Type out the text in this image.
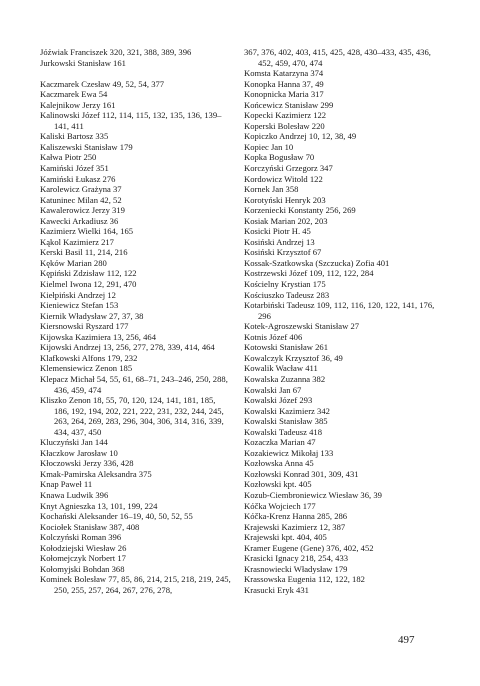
Jóźwiak Franciszek 320, 321, 388, 389, 396
Jurkowski Stanisław 161
Kaczmarek Czesław 49, 52, 54, 377
Kaczmarek Ewa 54
Kalejnikow Jerzy 161
Kalinowski Józef 112, 114, 115, 132, 135, 136, 139–141, 411
Kaliski Bartosz 335
Kaliszewski Stanisław 179
Kałwa Piotr 250
Kamiński Józef 351
Kamiński Łukasz 276
Karolewicz Grażyna 37
Katuninec Milan 42, 52
Kawalerowicz Jerzy 319
Kawecki Arkadiusz 36
Kazimierz Wielki 164, 165
Kąkol Kazimierz 217
Kerski Basil 11, 214, 216
Kęków Marian 280
Kępiński Zdzisław 112, 122
Kielmel Iwona 12, 291, 470
Kiełpiński Andrzej 12
Kieniewicz Stefan 153
Kiernik Władysław 27, 37, 38
Kiersnowski Ryszard 177
Kijowska Kazimiera 13, 256, 464
Kijowski Andrzej 13, 256, 277, 278, 339, 414, 464
Klafkowski Alfons 179, 232
Klemensiewicz Zenon 185
Klepacz Michał 54, 55, 61, 68–71, 243–246, 250, 288, 436, 459, 474
Kliszko Zenon 18, 55, 70, 120, 124, 141, 181, 185, 186, 192, 194, 202, 221, 222, 231, 232, 244, 245, 263, 264, 269, 283, 296, 304, 306, 314, 316, 339, 434, 437, 450
Kluczyński Jan 144
Kłaczkow Jarosław 10
Kłoczowski Jerzy 336, 428
Kmak-Pamirska Aleksandra 375
Knap Paweł 11
Knawa Ludwik 396
Knyt Agnieszka 13, 101, 199, 224
Kochański Aleksander 16–19, 40, 50, 52, 55
Kociołek Stanisław 387, 408
Kolczyński Roman 396
Kołodziejski Wiesław 26
Kołomejczyk Norbert 17
Kołomyjski Bohdan 368
Kominek Bolesław 77, 85, 86, 214, 215, 218, 219, 245, 250, 255, 257, 264, 267, 276, 278,
367, 376, 402, 403, 415, 425, 428, 430–433, 435, 436, 452, 459, 470, 474
Komsta Katarzyna 374
Konopka Hanna 37, 49
Konopnicka Maria 317
Końcewicz Stanisław 299
Kopecki Kazimierz 122
Koperski Bolesław 220
Kopiczko Andrzej 10, 12, 38, 49
Kopiec Jan 10
Kopka Bogusław 70
Korczyński Grzegorz 347
Kordowicz Witold 122
Kornek Jan 358
Korotyński Henryk 203
Korzeniecki Konstanty 256, 269
Kosiak Marian 202, 203
Kosicki Piotr H. 45
Kosiński Andrzej 13
Kosiński Krzysztof 67
Kossak-Szatkowska (Szczucka) Zofia 401
Kostrzewski Józef 109, 112, 122, 284
Kościelny Krystian 175
Kościuszko Tadeusz 283
Kotarbiński Tadeusz 109, 112, 116, 120, 122, 141, 176, 296
Kotek-Agroszewski Stanisław 27
Kotnis Józef 406
Kotowski Stanisław 261
Kowalczyk Krzysztof 36, 49
Kowalik Wacław 411
Kowalska Zuzanna 382
Kowalski Jan 67
Kowalski Józef 293
Kowalski Kazimierz 342
Kowalski Stanisław 385
Kowalski Tadeusz 418
Kozaczka Marian 47
Kozakiewicz Mikołaj 133
Kozłowska Anna 45
Kozłowski Konrad 301, 309, 431
Kozłowski kpt. 405
Kozub-Ciembroniewicz Wiesław 36, 39
Kóčka Wojciech 177
Kóčka-Krenz Hanna 285, 286
Krajewski Kazimierz 12, 387
Krajewski kpt. 404, 405
Kramer Eugene (Gene) 376, 402, 452
Krasicki Ignacy 218, 254, 433
Krasnowiecki Władysław 179
Krassowska Eugenia 112, 122, 182
Krasucki Eryk 431
497
